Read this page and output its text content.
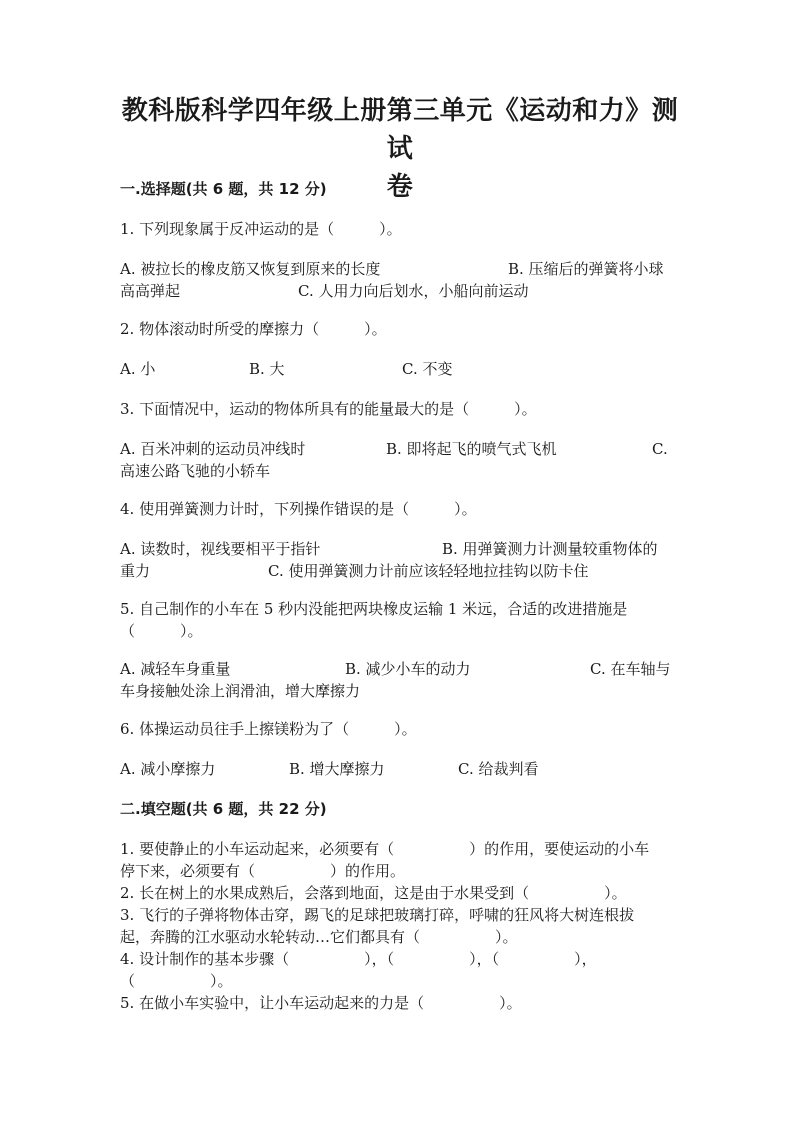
教科版科学四年级上册第三单元《运动和力》测试
卷
一.选择题(共 6 题，共 12 分)
1. 下列现象属于反冲运动的是（　　　）。
A. 被拉长的橡皮筋又恢复到原来的长度	B. 压缩后的弹簧将小球
高高弹起	C. 人用力向后划水，小船向前运动
2. 物体滚动时所受的摩擦力（　　　）。
A. 小	B. 大	C. 不变
3. 下面情况中，运动的物体所具有的能量最大的是（　　　）。
A. 百米冲刺的运动员冲线时	B. 即将起飞的喷气式飞机	C.
高速公路飞驰的小轿车
4. 使用弹簧测力计时，下列操作错误的是（　　　）。
A. 读数时，视线要相平于指针	B. 用弹簧测力计测量较重物体的
重力	C. 使用弹簧测力计前应该轻轻地拉挂钩以防卡住
5. 自己制作的小车在 5 秒内没能把两块橡皮运输 1 米远，合适的改进措施是
（　　　）。
A. 减轻车身重量	B. 减少小车的动力	C. 在车轴与
车身接触处涂上润滑油，增大摩擦力
6. 体操运动员往手上擦镁粉为了（　　　）。
A. 减小摩擦力	B. 增大摩擦力	C. 给裁判看
二.填空题(共 6 题，共 22 分)
1. 要使静止的小车运动起来，必须要有（　　　　　）的作用，要使运动的小车
停下来，必须要有（　　　　　）的作用。
2. 长在树上的水果成熟后，会落到地面，这是由于水果受到（　　　　　）。
3. 飞行的子弹将物体击穿，踢飞的足球把玻璃打碎，呼啸的狂风将大树连根拔
起，奔腾的江水驱动水轮转动…它们都具有（　　　　　）。
4. 设计制作的基本步骤（　　　　　），（　　　　　），（　　　　　），
（　　　　　）。
5. 在做小车实验中，让小车运动起来的力是（　　　　　）。
